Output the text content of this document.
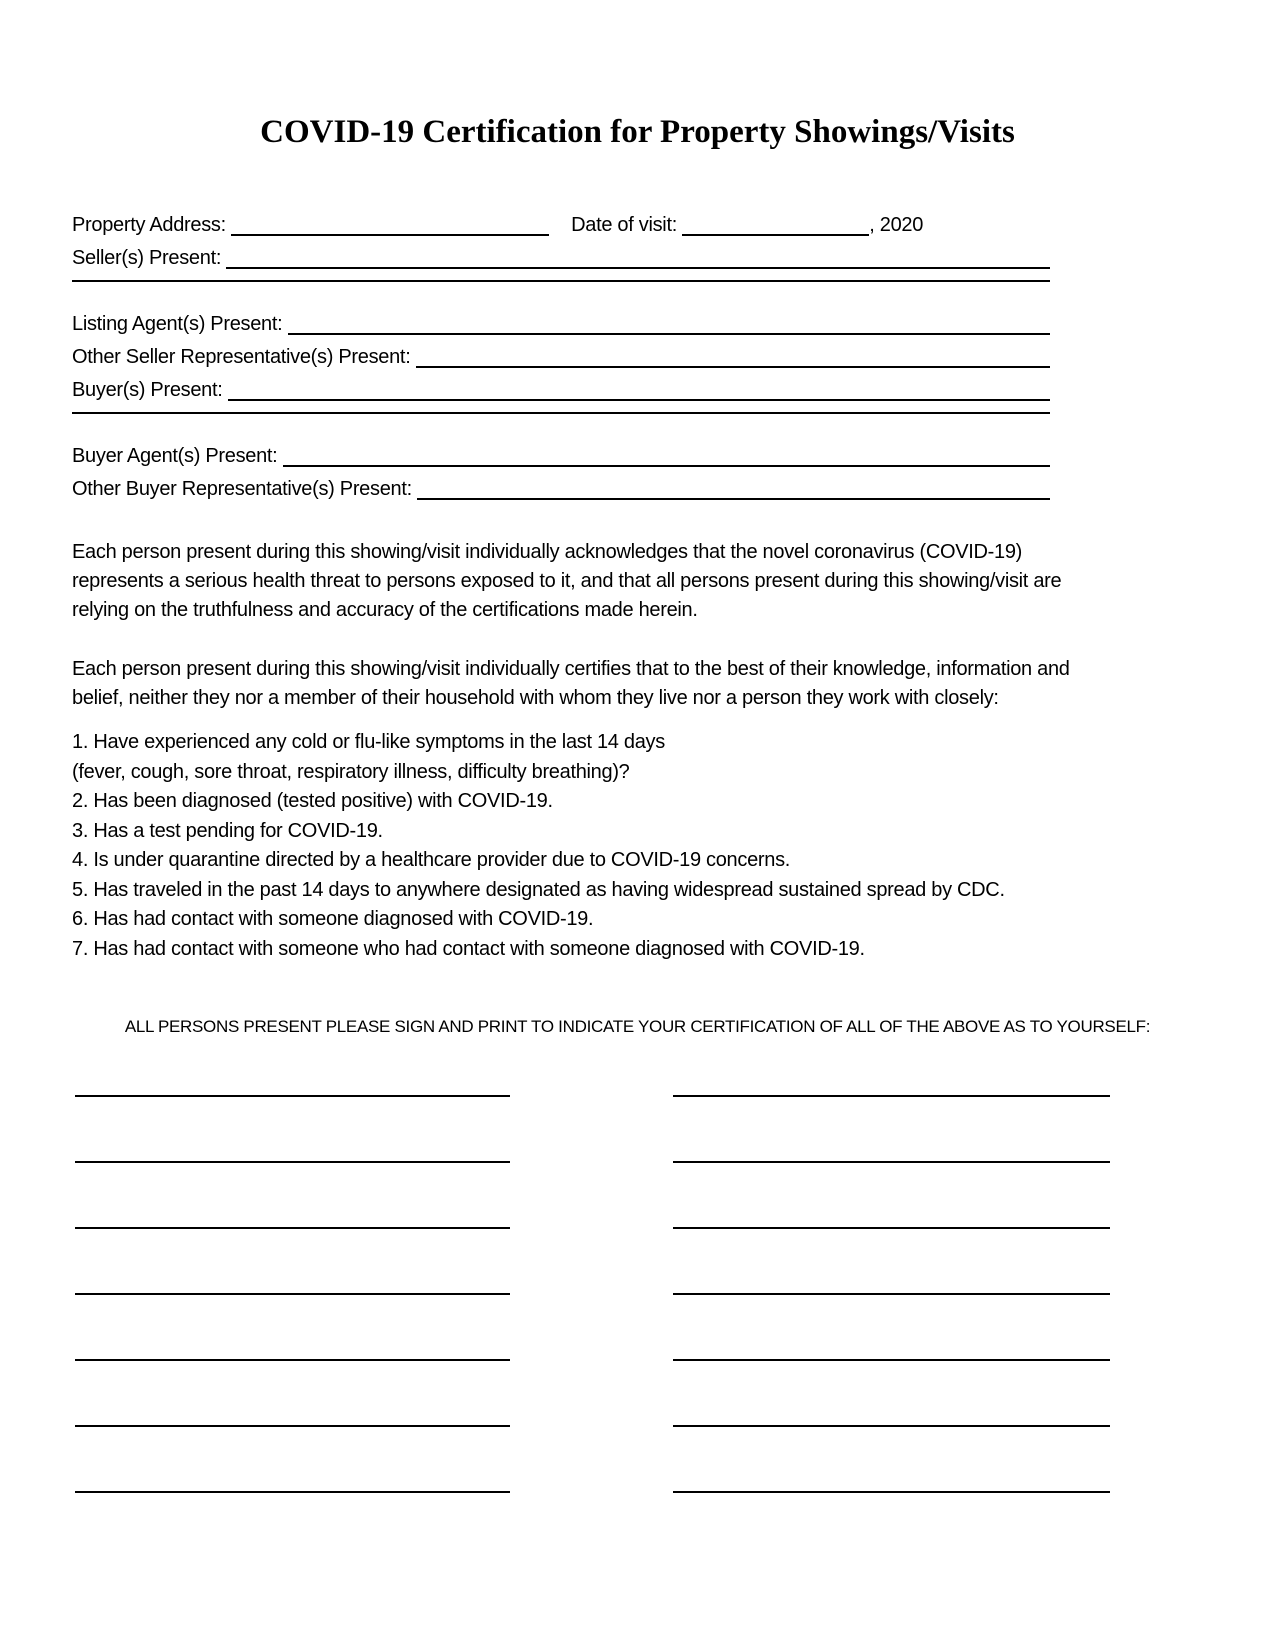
COVID-19 Certification for Property Showings/Visits
Property Address:	Date of visit:	, 2020
Seller(s) Present:
Listing Agent(s) Present:
Other Seller Representative(s) Present:
Buyer(s) Present:
Buyer Agent(s) Present:
Other Buyer Representative(s) Present:
Each person present during this showing/visit individually acknowledges that the novel coronavirus (COVID-19)
represents a serious health threat to persons exposed to it, and that all persons present during this showing/visit are
relying on the truthfulness and accuracy of the certifications made herein.
Each person present during this showing/visit individually certifies that to the best of their knowledge, information and
belief, neither they nor a member of their household with whom they live nor a person they work with closely:
1. Have experienced any cold or flu-like symptoms in the last 14 days
(fever, cough, sore throat, respiratory illness, difficulty breathing)?
2. Has been diagnosed (tested positive) with COVID-19.
3. Has a test pending for COVID-19.
4. Is under quarantine directed by a healthcare provider due to COVID-19 concerns.
5. Has traveled in the past 14 days to anywhere designated as having widespread sustained spread by CDC.
6. Has had contact with someone diagnosed with COVID-19.
7. Has had contact with someone who had contact with someone diagnosed with COVID-19.
ALL PERSONS PRESENT PLEASE SIGN AND PRINT TO INDICATE YOUR CERTIFICATION OF ALL OF THE ABOVE AS TO YOURSELF:
